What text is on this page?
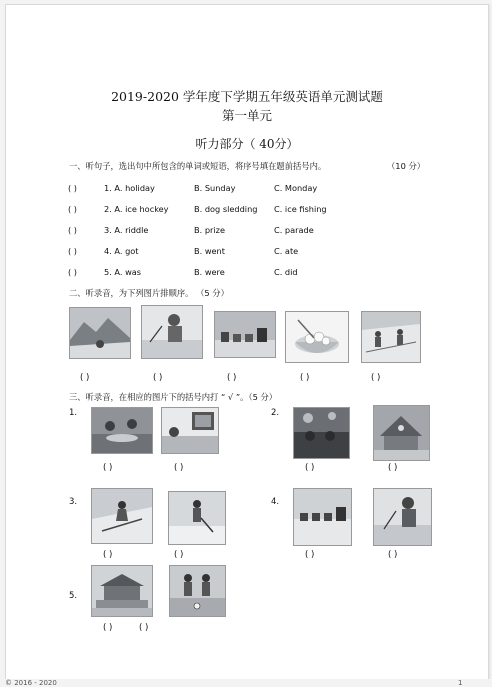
2019-2020 学年度下学期五年级英语单元测试题
第一单元
听力部分（ 40分）
一、听句子，选出句中所包含的单词或短语，将序号填在题前括号内。	（10 分）
( )	1. A. holiday	B. Sunday	C. Monday
( )	2. A. ice hockey	B. dog sledding C. ice fishing
( )	3. A. riddle	B. prize	C. parade
( )	4. A. got	B. went	C. ate
( )	5. A. was	B. were	C. did
二、听录音，为下列图片排顺序。 （5 分）
( )	( )	( )	( )	( )
三、听录音，在相应的图片下的括号内打 “ √ ”。（5 分）
1.
( )	( )
2.
( )	( )
3.
( )	( )
4.
( )	( )
5.
( )	( )
© 2016 - 2020	1
